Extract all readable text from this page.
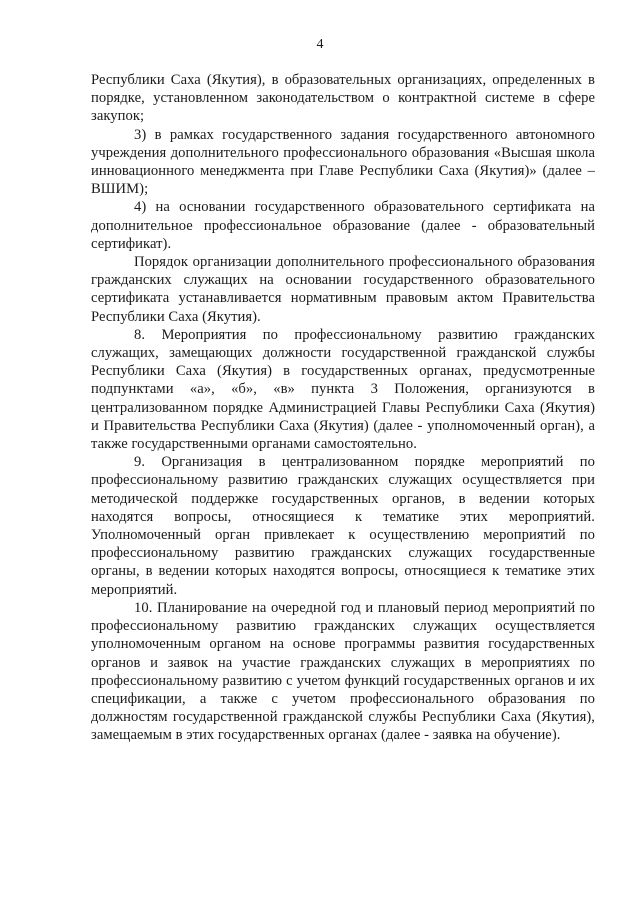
4

Республики Саха (Якутия), в образовательных организациях, определенных в порядке, установленном законодательством о контрактной системе в сфере закупок;

3) в рамках государственного задания государственного автономного учреждения дополнительного профессионального образования «Высшая школа инновационного менеджмента при Главе Республики Саха (Якутия)» (далее – ВШИМ);

4) на основании государственного образовательного сертификата на дополнительное профессиональное образование (далее - образовательный сертификат).

Порядок организации дополнительного профессионального образования гражданских служащих на основании государственного образовательного сертификата устанавливается нормативным правовым актом Правительства Республики Саха (Якутия).

8. Мероприятия по профессиональному развитию гражданских служащих, замещающих должности государственной гражданской службы Республики Саха (Якутия) в государственных органах, предусмотренные подпунктами «а», «б», «в» пункта 3 Положения, организуются в централизованном порядке Администрацией Главы Республики Саха (Якутия) и Правительства Республики Саха (Якутия) (далее - уполномоченный орган), а также государственными органами самостоятельно.

9. Организация в централизованном порядке мероприятий по профессиональному развитию гражданских служащих осуществляется при методической поддержке государственных органов, в ведении которых находятся вопросы, относящиеся к тематике этих мероприятий. Уполномоченный орган привлекает к осуществлению мероприятий по профессиональному развитию гражданских служащих государственные органы, в ведении которых находятся вопросы, относящиеся к тематике этих мероприятий.

10. Планирование на очередной год и плановый период мероприятий по профессиональному развитию гражданских служащих осуществляется уполномоченным органом на основе программы развития государственных органов и заявок на участие гражданских служащих в мероприятиях по профессиональному развитию с учетом функций государственных органов и их спецификации, а также с учетом профессионального образования по должностям государственной гражданской службы Республики Саха (Якутия), замещаемым в этих государственных органах (далее - заявка на обучение).
